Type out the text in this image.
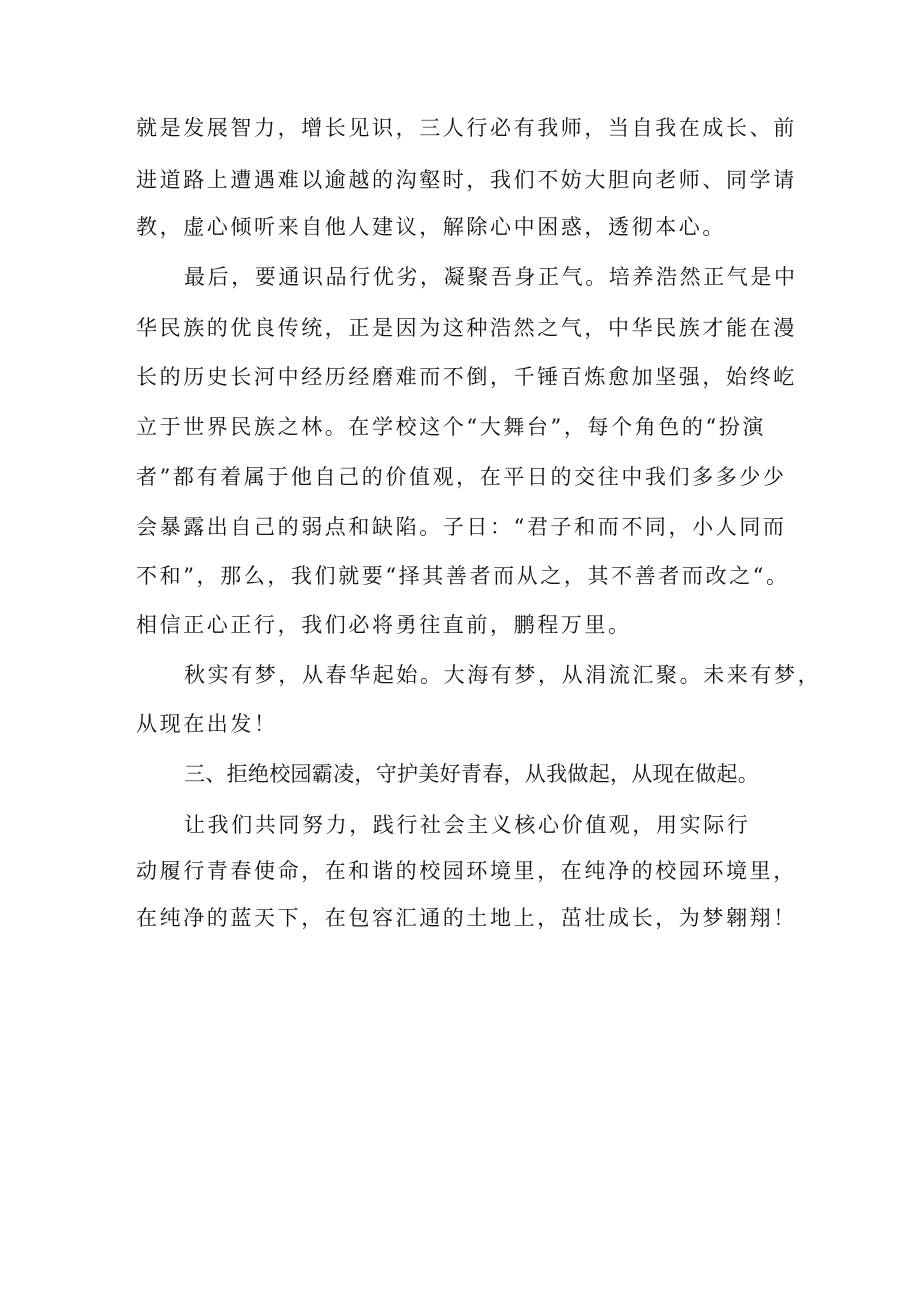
就是发展智力，增长见识，三人行必有我师，当自我在成长、前
进道路上遭遇难以逾越的沟壑时，我们不妨大胆向老师、同学请
教，虚心倾听来自他人建议，解除心中困惑，透彻本心。
最后，要通识品行优劣，凝聚吾身正气。培养浩然正气是中
华民族的优良传统，正是因为这种浩然之气，中华民族才能在漫
长的历史长河中经历经磨难而不倒，千锤百炼愈加坚强，始终屹
立于世界民族之林。在学校这个“大舞台”，每个角色的“扮演
者”都有着属于他自己的价值观，在平日的交往中我们多多少少
会暴露出自己的弱点和缺陷。子日：“君子和而不同，小人同而
不和”，那么，我们就要“择其善者而从之，其不善者而改之“。
相信正心正行，我们必将勇往直前，鹏程万里。
秋实有梦，从春华起始。大海有梦，从涓流汇聚。未来有梦，
从现在出发！
三、拒绝校园霸凌，守护美好青春，从我做起，从现在做起。
让我们共同努力，践行社会主义核心价值观，用实际行
动履行青春使命，在和谐的校园环境里，在纯净的校园环境里，
在纯净的蓝天下，在包容汇通的土地上，茁壮成长，为梦翱翔！
